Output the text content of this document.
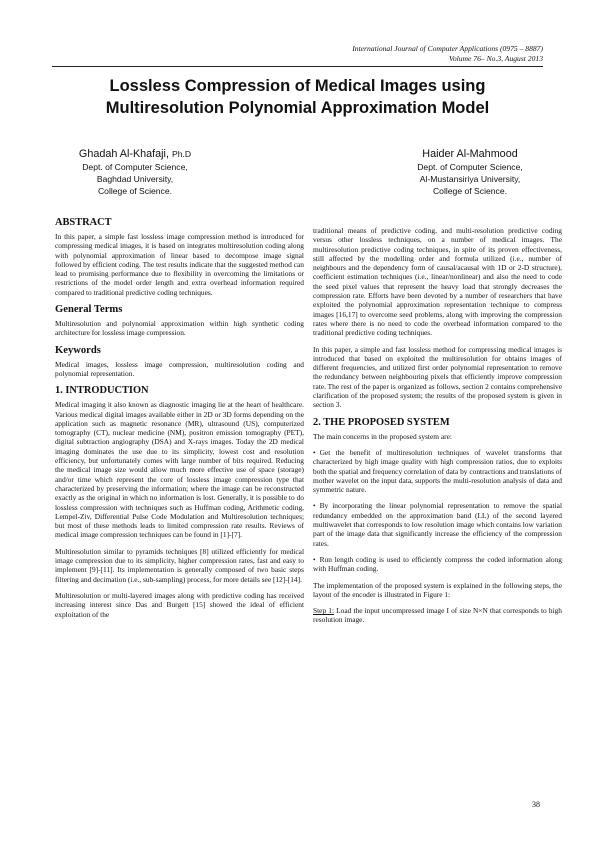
International Journal of Computer Applications (0975 – 8887)
Volume 76– No.3, August 2013
Lossless Compression of Medical Images using
Multiresolution Polynomial Approximation Model
Ghadah Al-Khafaji, Ph.D
Dept. of Computer Science,
Baghdad University,
College of Science.
Haider Al-Mahmood
Dept. of Computer Science,
Al-Mustansiriya University,
College of Science.
ABSTRACT

In this paper, a simple fast lossless image compression method is introduced for compressing medical images, it is based on integrates multiresolution coding along with polynomial approximation of linear based to decompose image signal followed by efficient coding. The test results indicate that the suggested method can lead to promising performance due to flexibility in overcoming the limitations or restrictions of the model order length and extra overhead information required compared to traditional predictive coding techniques.

General Terms

Multiresolution and polynomial approximation within high synthetic coding architecture for lossless image compression.

Keywords

Medical images, lossless image compression, multiresolution coding and polynomial representation.

1. INTRODUCTION

Medical imaging it also known as diagnostic imaging lie at the heart of healthcare. Various medical digital images available either in 2D or 3D forms depending on the application such as magnetic resonance (MR), ultrasound (US), computerized tomography (CT), nuclear medicine (NM), positron emission tomography (PET), digital subtraction angiography (DSA) and X-rays images. Today the 2D medical imaging dominates the use due to its simplicity, lowest cost and resolution efficiency, but unfortunately comes with large number of bits required. Reducing the medical image size would allow much more effective use of space (storage) and/or time which represent the core of lossless image compression type that characterized by preserving the information; where the image can be reconstructed exactly as the original in which no information is lost. Generally, it is possible to do lossless compression with techniques such as Huffman coding, Arithmetic coding, Lempel-Ziv, Differential Pulse Code Modulation and Multiresolution techniques; but most of these methods leads to limited compression rate results. Reviews of medical image compression techniques can be found in [1]-[7].

Multiresolution similar to pyramids techniques [8] utilized efficiently for medical image compression due to its simplicity, higher compression rates, fast and easy to implement [9]-[11]. Its implementation is generally composed of two basic steps filtering and decimation (i.e., sub-sampling) process, for more details see [12]-[14].

Multiresolution or multi-layered images along with predictive coding has received increasing interest since Das and Burgett [15] showed the ideal of efficient exploitation of the

traditional means of predictive coding, and multi-resolution predictive coding versus other lossless techniques, on a number of medical images. The multiresolution predictive coding techniques, in spite of its proven effectiveness, still affected by the modelling order and formula utilized (i.e., number of neighbours and the dependency form of causal/acausal with 1D or 2-D structure), coefficient estimation techniques (i.e., linear/nonlinear) and also the need to code the seed pixel values that represent the heavy load that strongly decreases the compression rate. Efforts have been devoted by a number of researchers that have exploited the polynomial approximation representation technique to compress images [16,17] to overcome seed problems, along with improving the compression rates where there is no need to code the overhead information compared to the traditional predictive coding techniques.

In this paper, a simple and fast lossless method for compressing medical images is introduced that based on exploited the multiresolution for obtains images of different frequencies, and utilized first order polynomial representation to remove the redundancy between neighbouring pixels that efficiently improve compression rate. The rest of the paper is organized as follows, section 2 contains comprehensive clarification of the proposed system; the results of the proposed system is given in section 3.

2. THE PROPOSED SYSTEM

The main concerns in the proposed system are:

• Get the benefit of multiresolution techniques of wavelet transforms that characterized by high image quality with high compression ratios, due to exploits both the spatial and frequency correlation of data by contractions and translations of mother wavelet on the input data, supports the multi-resolution analysis of data and symmetric nature.
• By incorporating the linear polynomial representation to remove the spatial redundancy embedded on the approximation band (LL) of the second layered multiwavelet that corresponds to low resolution image which contains low variation part of the image data that significantly increase the efficiency of the compression rates.
• Run length coding is used to efficiently compress the coded information along with Huffman coding.

The implementation of the proposed system is explained in the following steps, the layout of the encoder is illustrated in Figure 1:

Step 1: Load the input uncompressed image I of size N×N that corresponds to high resolution image.

38
